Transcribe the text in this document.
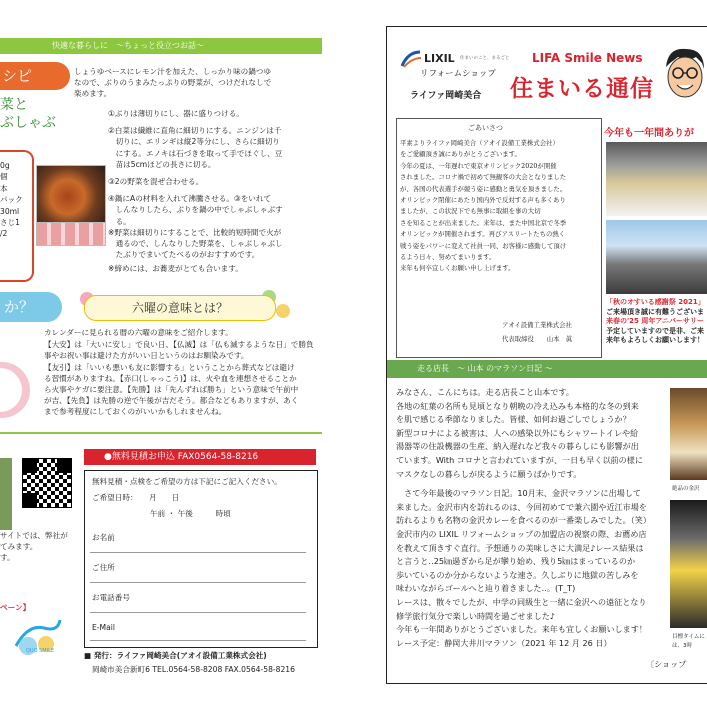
快適な暮らしに　～ちょっと役立つお話～
シピ
菜と
ぶしゃぶ
0g
個
本
パック
30ml
さじ1
/2
しょうゆベースにレモン汁を加えた、しっかり味の鍋つゆ
なので、ぶりのうまみたっぷりの野菜が、つけだれなしで
楽めます。
①ぶりは薄切りにし、器に盛りつける。
②白菜は繊維に直角に細切りにする。ニンジンは千
　切りに、エリンギは縦2等分にし、さらに細切り
　にする。エノキは石づきを取って手でほぐし、豆
　苗は5cmほどの長さに切る。
③2の野菜を混ぜ合わせる。
④鍋にAの材料を入れて沸騰させる。③をいれて
　しんなりしたら、ぶりを鍋の中でしゃぶしゃぶす
　る。
※野菜は細切りにすることで、比較的短時間で火が
　通るので、しんなりした野菜を、しゃぶしゃぶし
　たぶりでまいてたべるのがおすすめです。
※締めには、お蕎麦がとても合います。
か？	六曜の意味とは？
カレンダーに見られる暦の六曜の意味をご紹介します。
【大安】は「大いに安し」で良い日、【仏滅】は「仏も滅するような日」で勝負
事やお祝い事は避けた方がいい日というのはお馴染みです。
【友引】は「いいも悪いも友に影響する」ということから葬式などは避け
る習慣がありますね。【赤口(しゃっこう)】は、火や血を連想させることか
ら火事やケガに要注意。【先勝】は「先んずれば勝ち」という意味で午前中
が吉、【先負】は先勝の逆で午後が吉だそう。都合などもありますが、あく
まで参考程度にしておくのがいいかもしれませんね。
サイトでは、弊社が
てみます。
す。
ペーン】
QUO SMILE
●無料見積お申込 FAX0564-58-8216
無料見積・点検をご希望の方は下記にご記入ください。
ご希望日時：　　月　　日
午前 ・ 午後　　　時頃
お名前
ご住所
お電話番号
E-Mail
■ 発行：ライファ岡崎美合(アオイ設備工業株式会社)
岡崎市美合新町6 TEL.0564-58-8208 FAX.0564-58-8216
LIXIL 住まいのこと、まるごと
リフォームショップ
ライファ岡崎美合
LIFA Smile News
住まいる通信
ごあいさつ
平素よりライファ岡崎美合（アオイ設備工業株式会社）
をご愛顧頂き誠にありがとうございます。
今年の夏は、一年遅れで東京オリンピック2020が開催
されました。コロナ禍で初めて無観客の大会となりました
が、各国の代表選手が競う姿に感動と勇気を頂きました。
オリンピック閉催にあたり国内外で反対する声も多くあり
ましたが、この状況下でも無事に取組を事の大切
さを知ることが出来ました。来年は、また中国北京で冬季
オリンピックが開催されます。再びアスリートたちの熱く
戦う姿をパワーに変えて社員一同、お客様に感動して頂け
るよう日々、努めてまいります。
来年も何卒宜しくお願い申し上げます。
アオイ設備工業株式会社
代表取締役　　山本　眞
今年も一年間ありが
「秋のオすいる感謝祭 2021」
ご来場頂き誠に有難うございま
来春の'25 周年アニバーサリー
予定していますので是非、ご来
来年もよろしくお願いします！
走る店長　～ 山本 のマラソン日記 ～
みなさん、こんにちは。走る店長こと山本です。
各地の紅葉の名所も見頃となり朝晩の冷え込みも本格的な冬の到来
を肌で感じる季節なりました。皆様、如何お過ごしでしょうか？
新型コロナによる被害は、人への感染以外にもシャワートイレや給
湯器等の住設機器の生産、納入遅れなど我々の暮らしにも影響が出
ています。With コロナと言われていますが、一日も早く以前の様に
マスクなしの暮らしが戻るように願うばかりです。
　さて今年最後のマラソン日記。10月末、金沢マラソンに出場して
来ました。金沢市内を訪れるのは、今回初めてで兼六園や近江市場を
訪れるよりも名物の金沢カレーを食べるのが一番楽しみでした。（笑）
金沢市内の LIXIL リフォームショップの加盟店の視察の際、お薦め店
を教えて頂きすぐ直行。予想通りの美味しさに大満足♪レース結果は
と言うと‥25㎞過ぎから足が攣り始め、残り5㎞はまっているのか
歩いているのか分からないような速さ。久しぶりに地獄の苦しみを
味わいながらゴールへと辿り着きました‥。(T_T)
レースは、散々でしたが、中学の同級生と一緒に金沢への遠征となり
修学旅行気分で楽しい時間を過ごせました♪
今年も一年間ありがとうございました。来年も宜しくお願いします！
レース予定：静岡大井川マラソン（2021 年 12 月 26 日）
〔ショップ
絶品の金沢
目標タイムに
は、3時
